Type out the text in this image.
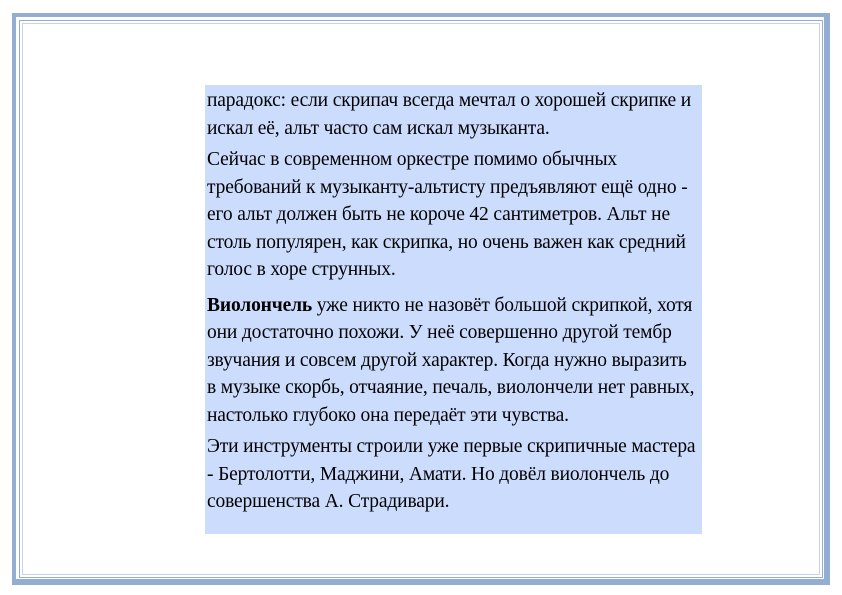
парадокс: если скрипач всегда мечтал о хорошей скрипке и искал её, альт часто сам искал музыканта.

Сейчас в современном оркестре помимо обычных требований к музыканту-альтисту предъявляют ещё одно - его альт должен быть не короче 42 сантиметров. Альт не столь популярен, как скрипка, но очень важен как средний голос в хоре струнных.

Виолончель уже никто не назовёт большой скрипкой, хотя они достаточно похожи. У неё совершенно другой тембр звучания и совсем другой характер. Когда нужно выразить в музыке скорбь, отчаяние, печаль, виолончели нет равных, настолько глубоко она передаёт эти чувства.

Эти инструменты строили уже первые скрипичные мастера - Бертолотти, Маджини, Амати. Но довёл виолончель до совершенства А. Страдивари.
